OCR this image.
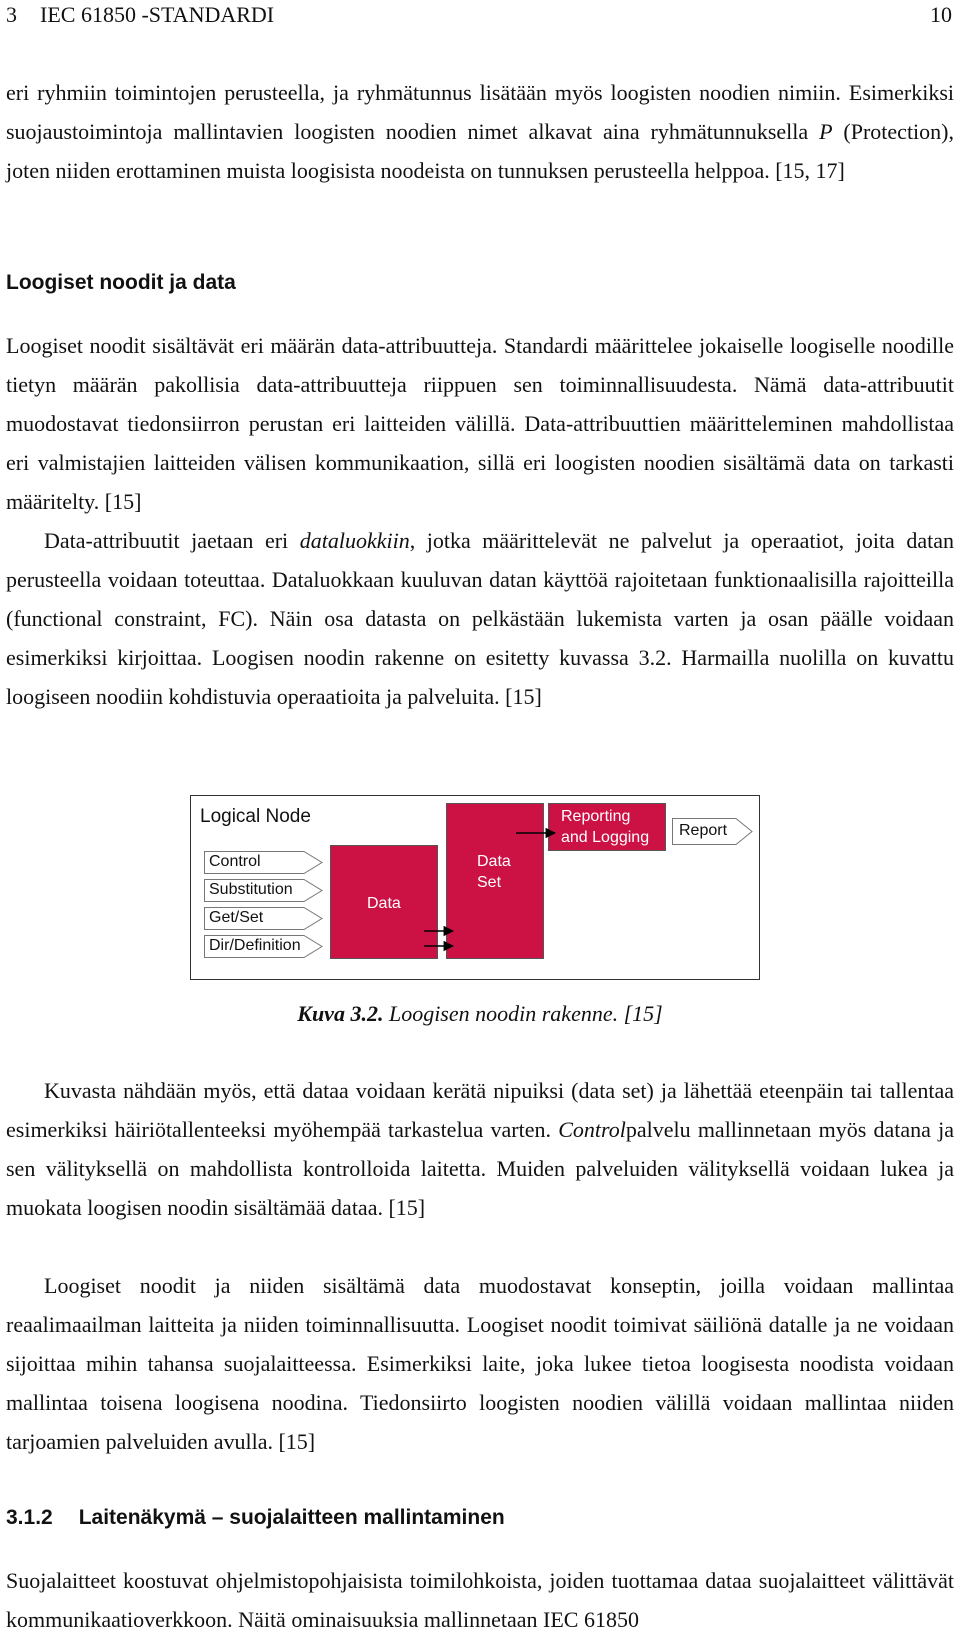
3 IEC 61850 -STANDARDI	10

eri ryhmiin toimintojen perusteella, ja ryhmätunnus lisätään myös loogisten noodien nimiin. Esimerkiksi suojaustoimintoja mallintavien loogisten noodien nimet alkavat aina ryhmätunnuksella P (Protection), joten niiden erottaminen muista loogisista noodeista on tunnuksen perusteella helppoa. [15, 17]

Loogiset noodit ja data

Loogiset noodit sisältävät eri määrän data-attribuutteja. Standardi määrittelee jokaiselle loogiselle noodille tietyn määrän pakollisia data-attribuutteja riippuen sen toiminnallisuudesta. Nämä data-attribuutit muodostavat tiedonsiirron perustan eri laitteiden välillä. Data-attribuuttien määritteleminen mahdollistaa eri valmistajien laitteiden välisen kommunikaation, sillä eri loogisten noodien sisältämä data on tarkasti määritelty. [15]

Data-attribuutit jaetaan eri dataluokkiin, jotka määrittelevät ne palvelut ja operaatiot, joita datan perusteella voidaan toteuttaa. Dataluokkaan kuuluvan datan käyttöä rajoitetaan funktionaalisilla rajoitteilla (functional constraint, FC). Näin osa datasta on pelkästään lukemista varten ja osan päälle voidaan esimerkiksi kirjoittaa. Loogisen noodin rakenne on esitetty kuvassa 3.2. Harmailla nuolilla on kuvattu loogiseen noodiin kohdistuvia operaatioita ja palveluita. [15]

Logical Node
Control
Substitution
Get/Set
Dir/Definition
Data
Data
Set
Reporting
and Logging Report
Kuva 3.2. Loogisen noodin rakenne. [15]

Kuvasta nähdään myös, että dataa voidaan kerätä nipuiksi (data set) ja lähettää eteenpäin tai tallentaa esimerkiksi häiriötallenteeksi myöhempää tarkastelua varten. Controlpalvelu mallinnetaan myös datana ja sen välityksellä on mahdollista kontrolloida laitetta. Muiden palveluiden välityksellä voidaan lukea ja muokata loogisen noodin sisältämää dataa. [15]

Loogiset noodit ja niiden sisältämä data muodostavat konseptin, joilla voidaan mallintaa reaalimaailman laitteita ja niiden toiminnallisuutta. Loogiset noodit toimivat säiliönä datalle ja ne voidaan sijoittaa mihin tahansa suojalaitteessa. Esimerkiksi laite, joka lukee tietoa loogisesta noodista voidaan mallintaa toisena loogisena noodina. Tiedonsiirto loogisten noodien välillä voidaan mallintaa niiden tarjoamien palveluiden avulla. [15]

3.1.2 Laitenäkymä – suojalaitteen mallintaminen

Suojalaitteet koostuvat ohjelmistopohjaisista toimilohkoista, joiden tuottamaa dataa suojalaitteet välittävät kommunikaatioverkkoon. Näitä ominaisuuksia mallinnetaan IEC 61850
